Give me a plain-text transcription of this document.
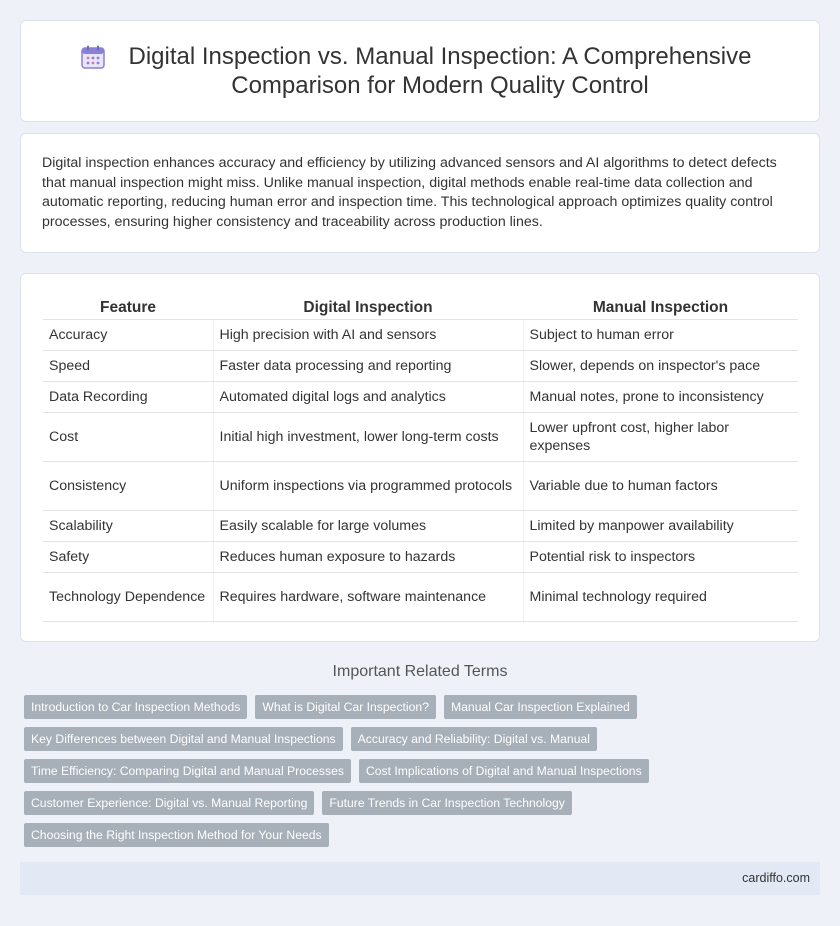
Digital Inspection vs. Manual Inspection: A Comprehensive Comparison for Modern Quality Control

Digital inspection enhances accuracy and efficiency by utilizing advanced sensors and AI algorithms to detect defects that manual inspection might miss. Unlike manual inspection, digital methods enable real-time data collection and automatic reporting, reducing human error and inspection time. This technological approach optimizes quality control processes, ensuring higher consistency and traceability across production lines.

Feature	Digital Inspection	Manual Inspection
Accuracy	High precision with AI and sensors	Subject to human error
Speed	Faster data processing and reporting	Slower, depends on inspector's pace
Data Recording	Automated digital logs and analytics	Manual notes, prone to inconsistency
Cost	Initial high investment, lower long-term costs	Lower upfront cost, higher labor expenses
Consistency	Uniform inspections via programmed protocols	Variable due to human factors
Scalability	Easily scalable for large volumes	Limited by manpower availability
Safety	Reduces human exposure to hazards	Potential risk to inspectors
Technology Dependence	Requires hardware, software maintenance	Minimal technology required
Important Related Terms
Introduction to Car Inspection Methods	What is Digital Car Inspection?	Manual Car Inspection Explained
Key Differences between Digital and Manual Inspections	Accuracy and Reliability: Digital vs. Manual
Time Efficiency: Comparing Digital and Manual Processes	Cost Implications of Digital and Manual Inspections
Customer Experience: Digital vs. Manual Reporting	Future Trends in Car Inspection Technology
Choosing the Right Inspection Method for Your Needs
cardiffo.com
